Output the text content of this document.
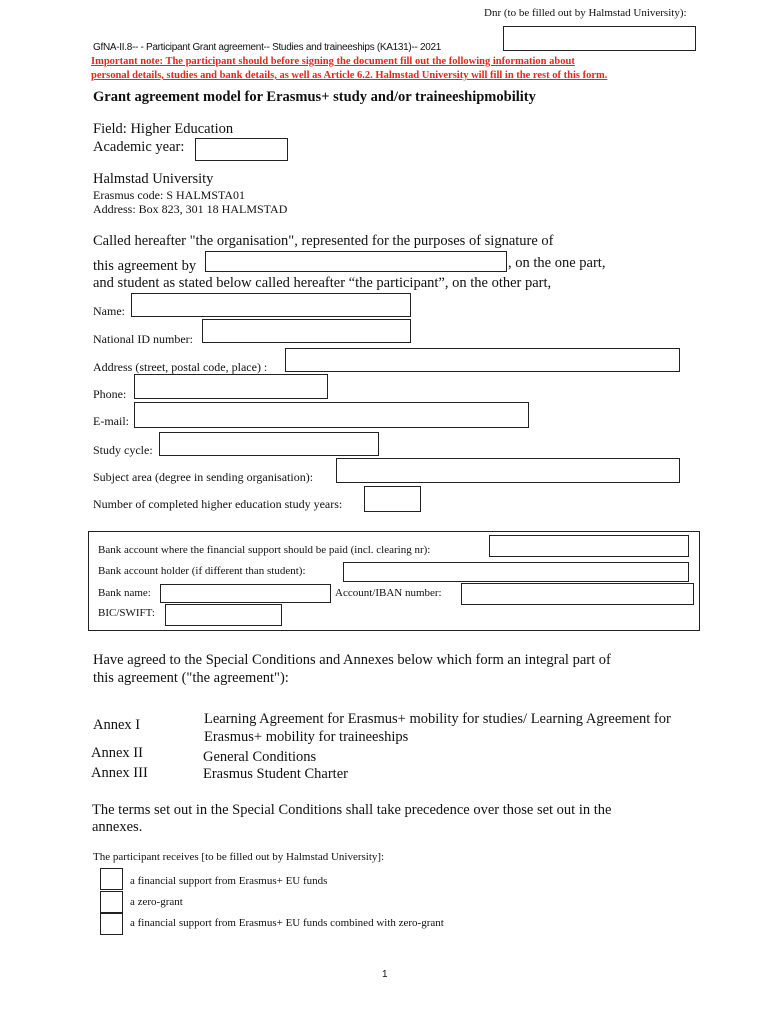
Dnr (to be filled out by Halmstad University):
GfNA-II.8-- - Participant Grant agreement-- Studies and traineeships (KA131)-- 2021
Important note: The participant should before signing the document fill out the following information about
personal details, studies and bank details, as well as Article 6.2. Halmstad University will fill in the rest of this form.
Grant agreement model for Erasmus+ study and/or traineeshipmobility
Field: Higher Education
Academic year:
Halmstad University
Erasmus code: S HALMSTA01
Address: Box 823, 301 18 HALMSTAD
Called hereafter "the organisation", represented for the purposes of signature of
this agreement by	, on the one part,
and student as stated below called hereafter “the participant”, on the other part,
Name:
National ID number:
Address (street, postal code, place) :
Phone:
E-mail:
Study cycle:
Subject area (degree in sending organisation):
Number of completed higher education study years:
Bank account where the financial support should be paid (incl. clearing nr):
Bank account holder (if different than student):
Bank name:	Account/IBAN number:
BIC/SWIFT:
Have agreed to the Special Conditions and Annexes below which form an integral part of
this agreement ("the agreement"):
Annex I	Learning Agreement for Erasmus+ mobility for studies/ Learning Agreement for
Erasmus+ mobility for traineeships
Annex II	General Conditions
Annex III	Erasmus Student Charter
The terms set out in the Special Conditions shall take precedence over those set out in the
annexes.
The participant receives [to be filled out by Halmstad University]:
a financial support from Erasmus+ EU funds
a zero-grant
a financial support from Erasmus+ EU funds combined with zero-grant
1
